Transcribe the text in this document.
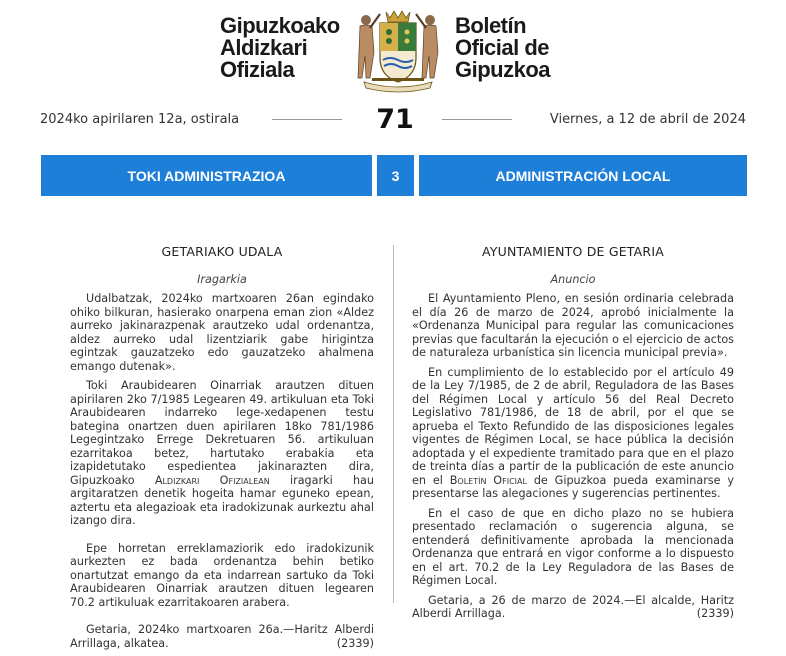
Gipuzkoako
Aldizkari
Ofiziala
Boletín
Oficial de
Gipuzkoa
2024ko apirilaren 12a, ostirala	71	Viernes, a 12 de abril de 2024
TOKI ADMINISTRAZIOA	3	ADMINISTRACIÓN LOCAL
GETARIAKO UDALA
Iragarkia

Udalbatzak, 2024ko martxoaren 26an egindako ohiko bilkuran, hasierako onarpena eman zion «Aldez aurreko jakinarazpenak arautzeko udal ordenantza, aldez aurreko udal lizentziarik gabe hirigintza egintzak gauzatzeko edo gauzatzeko ahalmena emango dutenak».

Toki Araubidearen Oinarriak arautzen dituen apirilaren 2ko 7/1985 Legearen 49. artikuluan eta Toki Araubidearen indarreko lege-xedapenen testu bategina onartzen duen apirilaren 18ko 781/1986 Legegintzako Errege Dekretuaren 56. artikuluan ezarritakoa betez, hartutako erabakia eta izapidetutako espedientea jakinarazten dira, Gipuzkoako Aldizkari Ofizialean iragarki hau argitaratzen denetik hogeita hamar eguneko epean, aztertu eta alegazioak eta iradokizunak aurkeztu ahal izango dira.

Epe horretan erreklamaziorik edo iradokizunik aurkezten ez bada ordenantza behin betiko onartutzat emango da eta indarrean sartuko da Toki Araubidearen Oinarriak arautzen dituen legearen 70.2 artikuluak ezarritakoaren arabera.

Getaria, 2024ko martxoaren 26a.—Haritz Alberdi Arrillaga, alkatea.	(2339)

AYUNTAMIENTO DE GETARIA
Anuncio

El Ayuntamiento Pleno, en sesión ordinaria celebrada el día 26 de marzo de 2024, aprobó inicialmente la «Ordenanza Municipal para regular las comunicaciones previas que facultarán la ejecución o el ejercicio de actos de naturaleza urbanística sin licencia municipal previa».

En cumplimiento de lo establecido por el artículo 49 de la Ley 7/1985, de 2 de abril, Reguladora de las Bases del Régimen Local y artículo 56 del Real Decreto Legislativo 781/1986, de 18 de abril, por el que se aprueba el Texto Refundido de las disposiciones legales vigentes de Régimen Local, se hace pública la decisión adoptada y el expediente tramitado para que en el plazo de treinta días a partir de la publicación de este anuncio en el Boletín Oficial de Gipuzkoa pueda examinarse y presentarse las alegaciones y sugerencias pertinentes.

En el caso de que en dicho plazo no se hubiera presentado reclamación o sugerencia alguna, se entenderá definitivamente aprobada la mencionada Ordenanza que entrará en vigor conforme a lo dispuesto en el art. 70.2 de la Ley Reguladora de las Bases de Régimen Local.

Getaria, a 26 de marzo de 2024.—El alcalde, Haritz Alberdi Arrillaga.	(2339)
